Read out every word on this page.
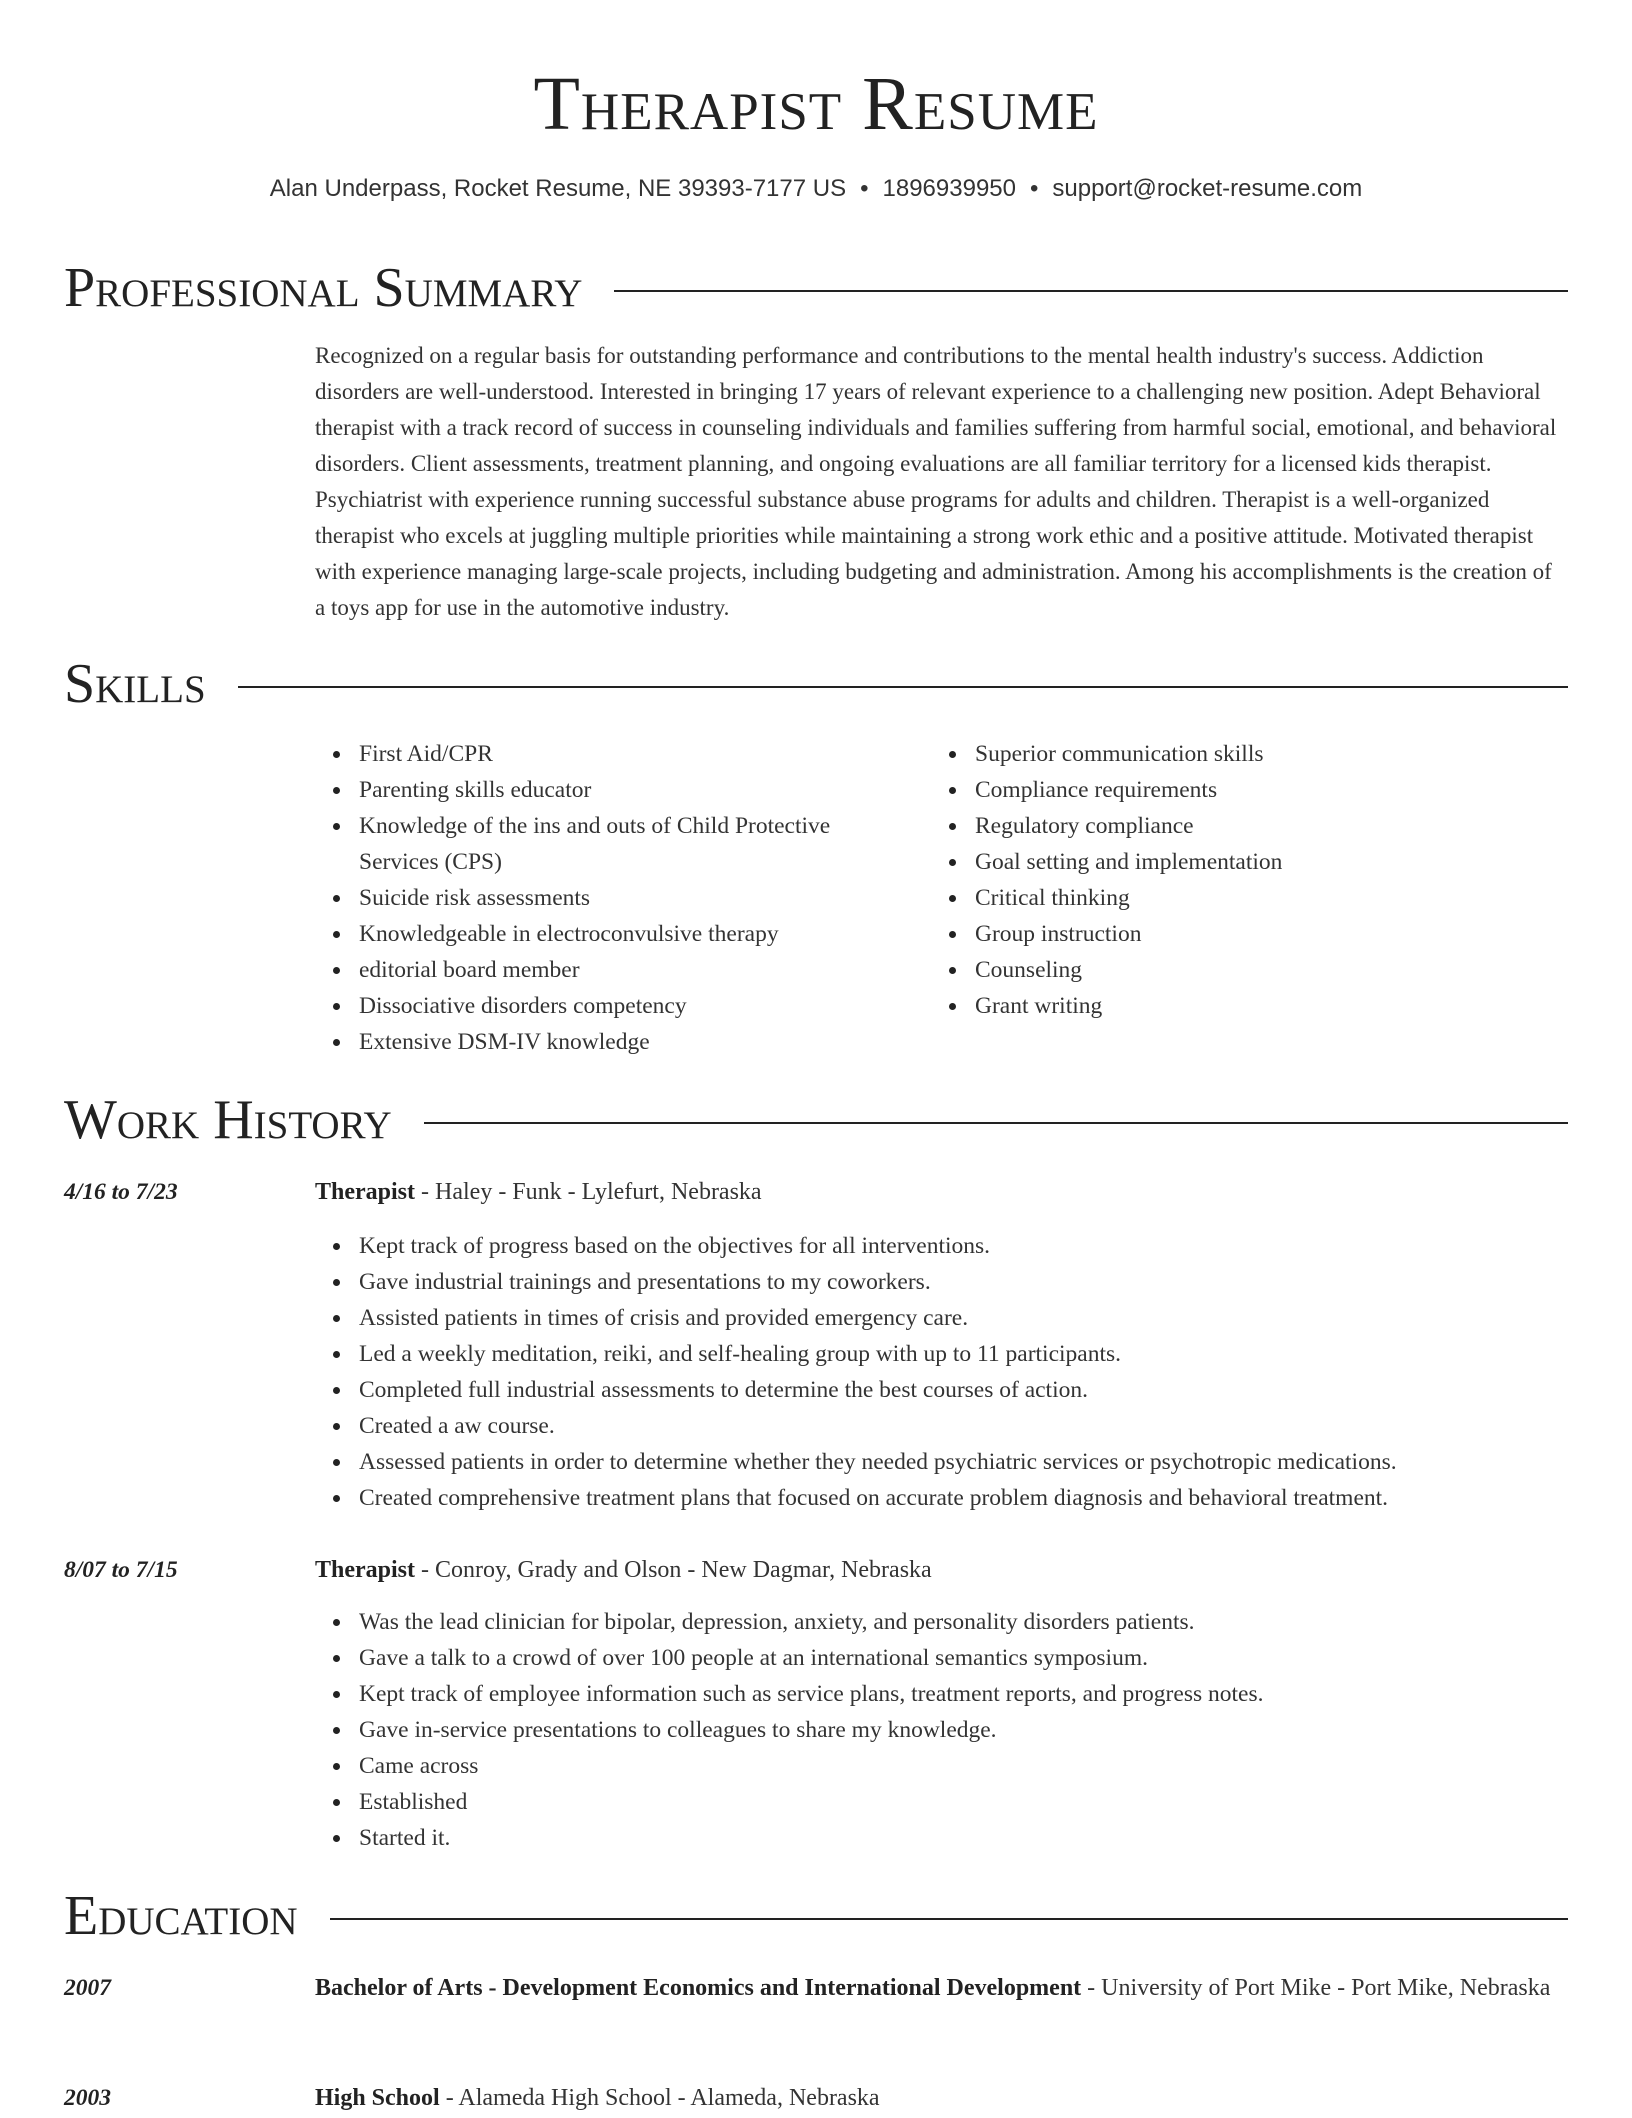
Therapist Resume
Alan Underpass, Rocket Resume, NE 39393-7177 US • 1896939950 • support@rocket-resume.com
Professional Summary
Recognized on a regular basis for outstanding performance and contributions to the mental health industry's success. Addiction disorders are well-understood. Interested in bringing 17 years of relevant experience to a challenging new position. Adept Behavioral therapist with a track record of success in counseling individuals and families suffering from harmful social, emotional, and behavioral disorders. Client assessments, treatment planning, and ongoing evaluations are all familiar territory for a licensed kids therapist. Psychiatrist with experience running successful substance abuse programs for adults and children. Therapist is a well-organized therapist who excels at juggling multiple priorities while maintaining a strong work ethic and a positive attitude. Motivated therapist with experience managing large-scale projects, including budgeting and administration. Among his accomplishments is the creation of a toys app for use in the automotive industry.
Skills
First Aid/CPR
Parenting skills educator
Knowledge of the ins and outs of Child Protective Services (CPS)
Suicide risk assessments
Knowledgeable in electroconvulsive therapy
editorial board member
Dissociative disorders competency
Extensive DSM-IV knowledge
Superior communication skills
Compliance requirements
Regulatory compliance
Goal setting and implementation
Critical thinking
Group instruction
Counseling
Grant writing
Work History
4/16 to 7/23	Therapist - Haley - Funk - Lylefurt, Nebraska
Kept track of progress based on the objectives for all interventions.
Gave industrial trainings and presentations to my coworkers.
Assisted patients in times of crisis and provided emergency care.
Led a weekly meditation, reiki, and self-healing group with up to 11 participants.
Completed full industrial assessments to determine the best courses of action.
Created a aw course.
Assessed patients in order to determine whether they needed psychiatric services or psychotropic medications.
Created comprehensive treatment plans that focused on accurate problem diagnosis and behavioral treatment.
8/07 to 7/15	Therapist - Conroy, Grady and Olson - New Dagmar, Nebraska
Was the lead clinician for bipolar, depression, anxiety, and personality disorders patients.
Gave a talk to a crowd of over 100 people at an international semantics symposium.
Kept track of employee information such as service plans, treatment reports, and progress notes.
Gave in-service presentations to colleagues to share my knowledge.
Came across
Established
Started it.
Education
2007	Bachelor of Arts - Development Economics and International Development - University of Port Mike - Port Mike, Nebraska
2003	High School - Alameda High School - Alameda, Nebraska
